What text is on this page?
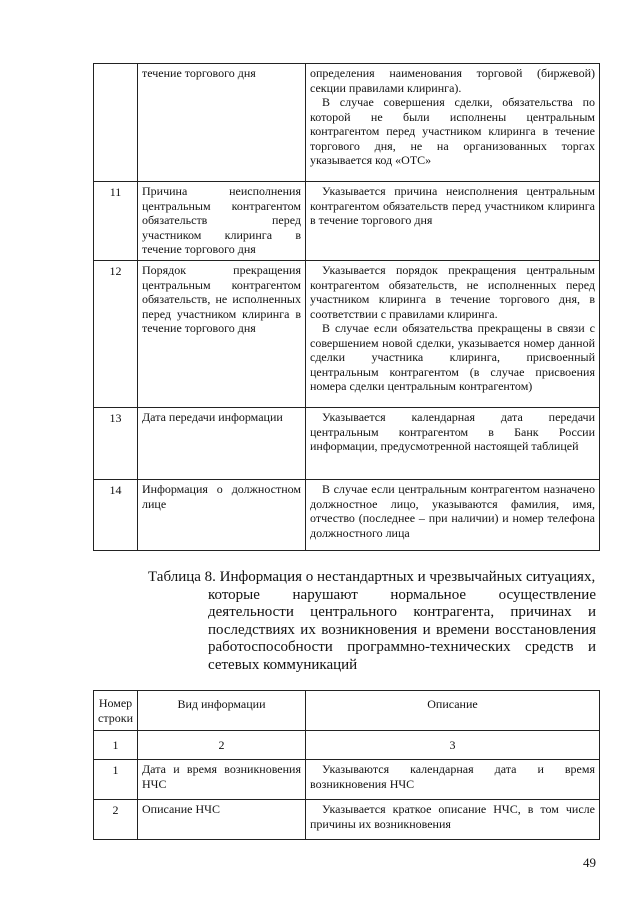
	течение торгового дня	определения наименования торговой (биржевой) секции правилами клиринга).

В случае совершения сделки, обязательства по которой не были исполнены центральным контрагентом перед участником клиринга в течение торгового дня, не на организованных торгах указывается код «ОТС»

11	Причина неисполнения центральным контрагентом обязательств перед участником клиринга в течение торгового дня	Указывается причина неисполнения центральным контрагентом обязательств перед участником клиринга в течение торгового дня

12	Порядок прекращения центральным контрагентом обязательств, не исполненных перед участником клиринга в течение торгового дня	Указывается порядок прекращения центральным контрагентом обязательств, не исполненных перед участником клиринга в течение торгового дня, в соответствии с правилами клиринга.

В случае если обязательства прекращены в связи с совершением новой сделки, указывается номер данной сделки участника клиринга, присвоенный центральным контрагентом (в случае присвоения номера сделки центральным контрагентом)

13	Дата передачи информации	Указывается календарная дата передачи центральным контрагентом в Банк России информации, предусмотренной настоящей таблицей

14	Информация о должностном лице	В случае если центральным контрагентом назначено должностное лицо, указываются фамилия, имя, отчество (последнее – при наличии) и номер телефона должностного лица

Таблица 8. Информация о нестандартных и чрезвычайных ситуациях,
которые нарушают нормальное осуществление деятельности центрального контрагента, причинах и последствиях их возникновения и времени восстановления работоспособности программно-технических средств и сетевых коммуникаций
Номер строки	Вид информации	Описание
1	2	3
1	Дата и время возникновения НЧС	Указываются календарная дата и время возникновения НЧС

2	Описание НЧС	Указывается краткое описание НЧС, в том числе причины их возникновения

49
